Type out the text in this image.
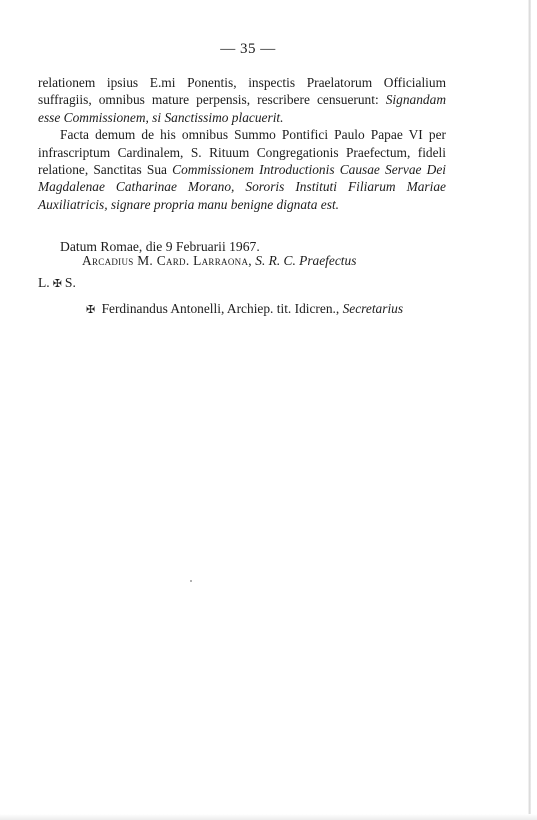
— 35 —

relationem ipsius E.mi Ponentis, inspectis Praelatorum Officialium suffragiis, omnibus mature perpensis, rescribere censuerunt: Signandam esse Commissionem, si Sanctissimo placuerit.

Facta demum de his omnibus Summo Pontifici Paulo Papae VI per infrascriptum Cardinalem, S. Rituum Congregationis Praefectum, fideli relatione, Sanctitas Sua Commissionem Introductionis Causae Servae Dei Magdalenae Catharinae Morano, Sororis Instituti Filiarum Mariae Auxiliatricis, signare propria manu benigne dignata est.

Datum Romae, die 9 Februarii 1967.
Arcadius M. Card. Larraona, S. R. C. Praefectus
L. ✠ S.
✠ Ferdinandus Antonelli, Archiep. tit. Idicren., Secretarius
